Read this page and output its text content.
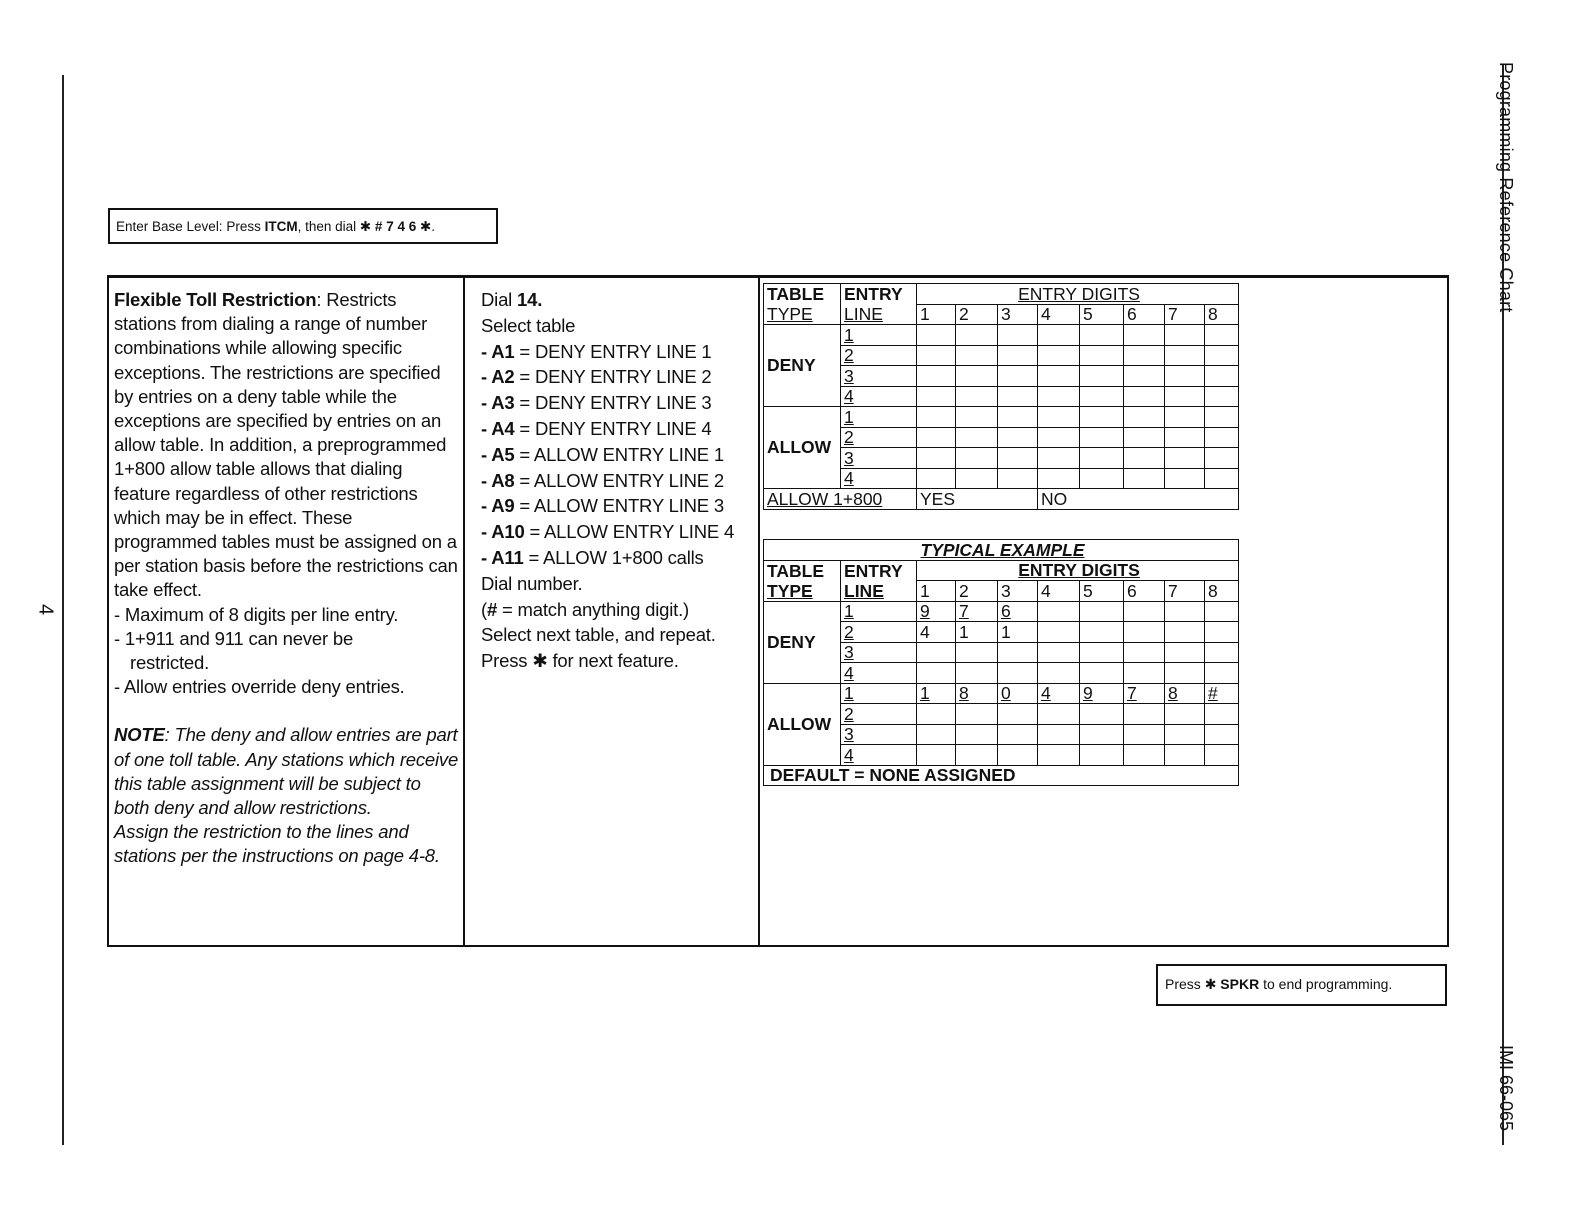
4
Programming Reference Chart
IMI 66-065
Enter Base Level: Press ITCM, then dial ✱ # 7 4 6 ✱.

Flexible Toll Restriction: Restricts stations from dialing a range of number combinations while allowing specific exceptions. The restrictions are specified by entries on a deny table while the exceptions are specified by entries on an allow table. In addition, a preprogrammed 1+800 allow table allows that dialing feature regardless of other restrictions which may be in effect. These programmed tables must be assigned on a per station basis before the restrictions can take effect.

- Maximum of 8 digits per line entry.

- 1+911 and 911 can never be

restricted.

- Allow entries override deny entries.

NOTE: The deny and allow entries are part of one toll table. Any stations which receive this table assignment will be subject to both deny and allow restrictions.

Assign the restriction to the lines and stations per the instructions on page 4-8.

Dial 14.
Select table
- A1 = DENY ENTRY LINE 1
- A2 = DENY ENTRY LINE 2
- A3 = DENY ENTRY LINE 3
- A4 = DENY ENTRY LINE 4
- A5 = ALLOW ENTRY LINE 1
- A8 = ALLOW ENTRY LINE 2
- A9 = ALLOW ENTRY LINE 3
- A10 = ALLOW ENTRY LINE 4
- A11 = ALLOW 1+800 calls
Dial number.
(# = match anything digit.)
Select next table, and repeat.
Press ✱ for next feature.
TABLE	ENTRY	ENTRY DIGITS							
TYPE	LINE	1	2	3	4	5	6	7	8
DENY	1								
	2								
	3								
	4								
ALLOW	1								
	2								
	3								
	4								
ALLOW 1+800		YES			NO				
TYPICAL EXAMPLE									
TABLE	ENTRY	ENTRY DIGITS							
TYPE	LINE	1	2	3	4	5	6	7	8
DENY	1	9	7	6					
	2	4	1	1					
	3								
	4								
ALLOW	1	1	8	0	4	9	7	8	#
	2								
	3								
	4								
DEFAULT = NONE ASSIGNED									
Press ✱ SPKR to end programming.
